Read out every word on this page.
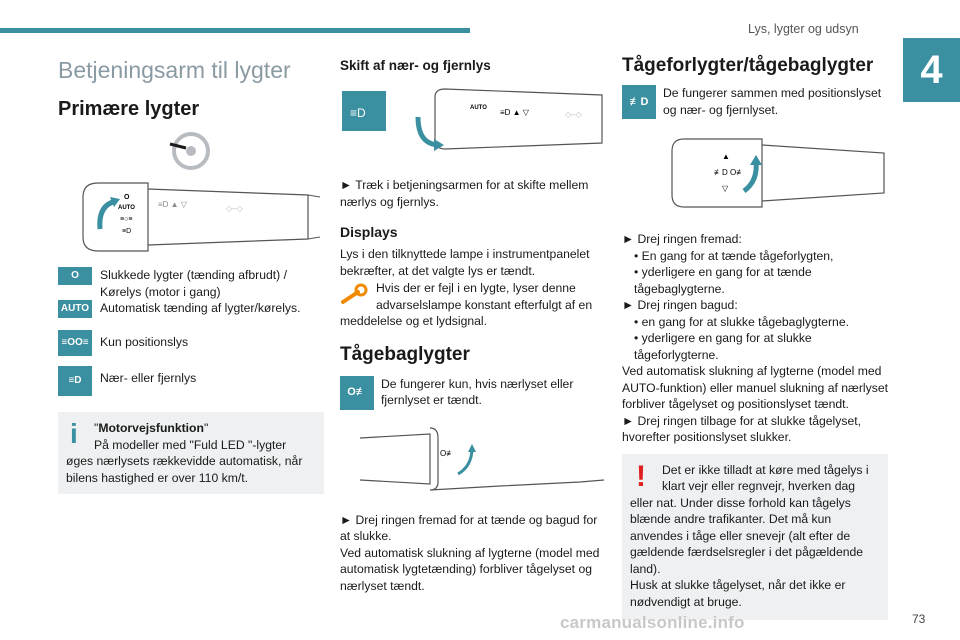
Lys, lygter og udsyn
4
Betjeningsarm til lygter
Primære lygter
O
AUTO
≡○≡
≡D
≡D ▲ ▽	◇–◇
O	Slukkede lygter (tænding afbrudt) / Kørelys (motor i gang)
AUTO Automatisk tænding af lygter/kørelys.
≡OO≡ Kun positionslys
≡D	Nær- eller fjernlys
i	"Motorvejsfunktion"
På modeller med "Fuld LED "-lygter øges nærlysets rækkevidde automatisk, når bilens hastighed er over 110 km/t.
Skift af nær- og fjernlys
≡D	AUTO ≡D ▲ ▽	◇–◇
► Træk i betjeningsarmen for at skifte mellem nærlys og fjernlys.
Displays
Lys i den tilknyttede lampe i instrumentpanelet bekræfter, at det valgte lys er tændt.
Hvis der er fejl i en lygte, lyser denne advarselslampe konstant efterfulgt af en meddelelse og et lydsignal.
Tågebaglygter
O≢
De fungerer kun, hvis nærlyset eller fjernlyset er tændt.
O≢
► Drej ringen fremad for at tænde og bagud for at slukke.
Ved automatisk slukning af lygterne (model med automatisk lygtetænding) forbliver tågelyset og nærlyset tændt.
Tågeforlygter/tågebaglygter
≢D
De fungerer sammen med positionslyset og nær- og fjernlyset.
▲
≢D O≢
▽
► Drej ringen fremad:
• En gang for at tænde tågeforlygten,
• yderligere en gang for at tænde tågebaglygterne.
► Drej ringen bagud:
• en gang for at slukke tågebaglygterne.
• yderligere en gang for at slukke tågeforlygterne.
Ved automatisk slukning af lygterne (model med AUTO-funktion) eller manuel slukning af nærlyset forbliver tågelyset og positionslyset tændt.
► Drej ringen tilbage for at slukke tågelyset, hvorefter positionslyset slukker.
!	Det er ikke tilladt at køre med tågelys i klart vejr eller regnvejr, hverken dag eller nat. Under disse forhold kan tågelys blænde andre trafikanter. Det må kun anvendes i tåge eller snevejr (alt efter de gældende færdselsregler i det pågældende land).
Husk at slukke tågelyset, når det ikke er nødvendigt at bruge.
carmanualsonline.info	73
